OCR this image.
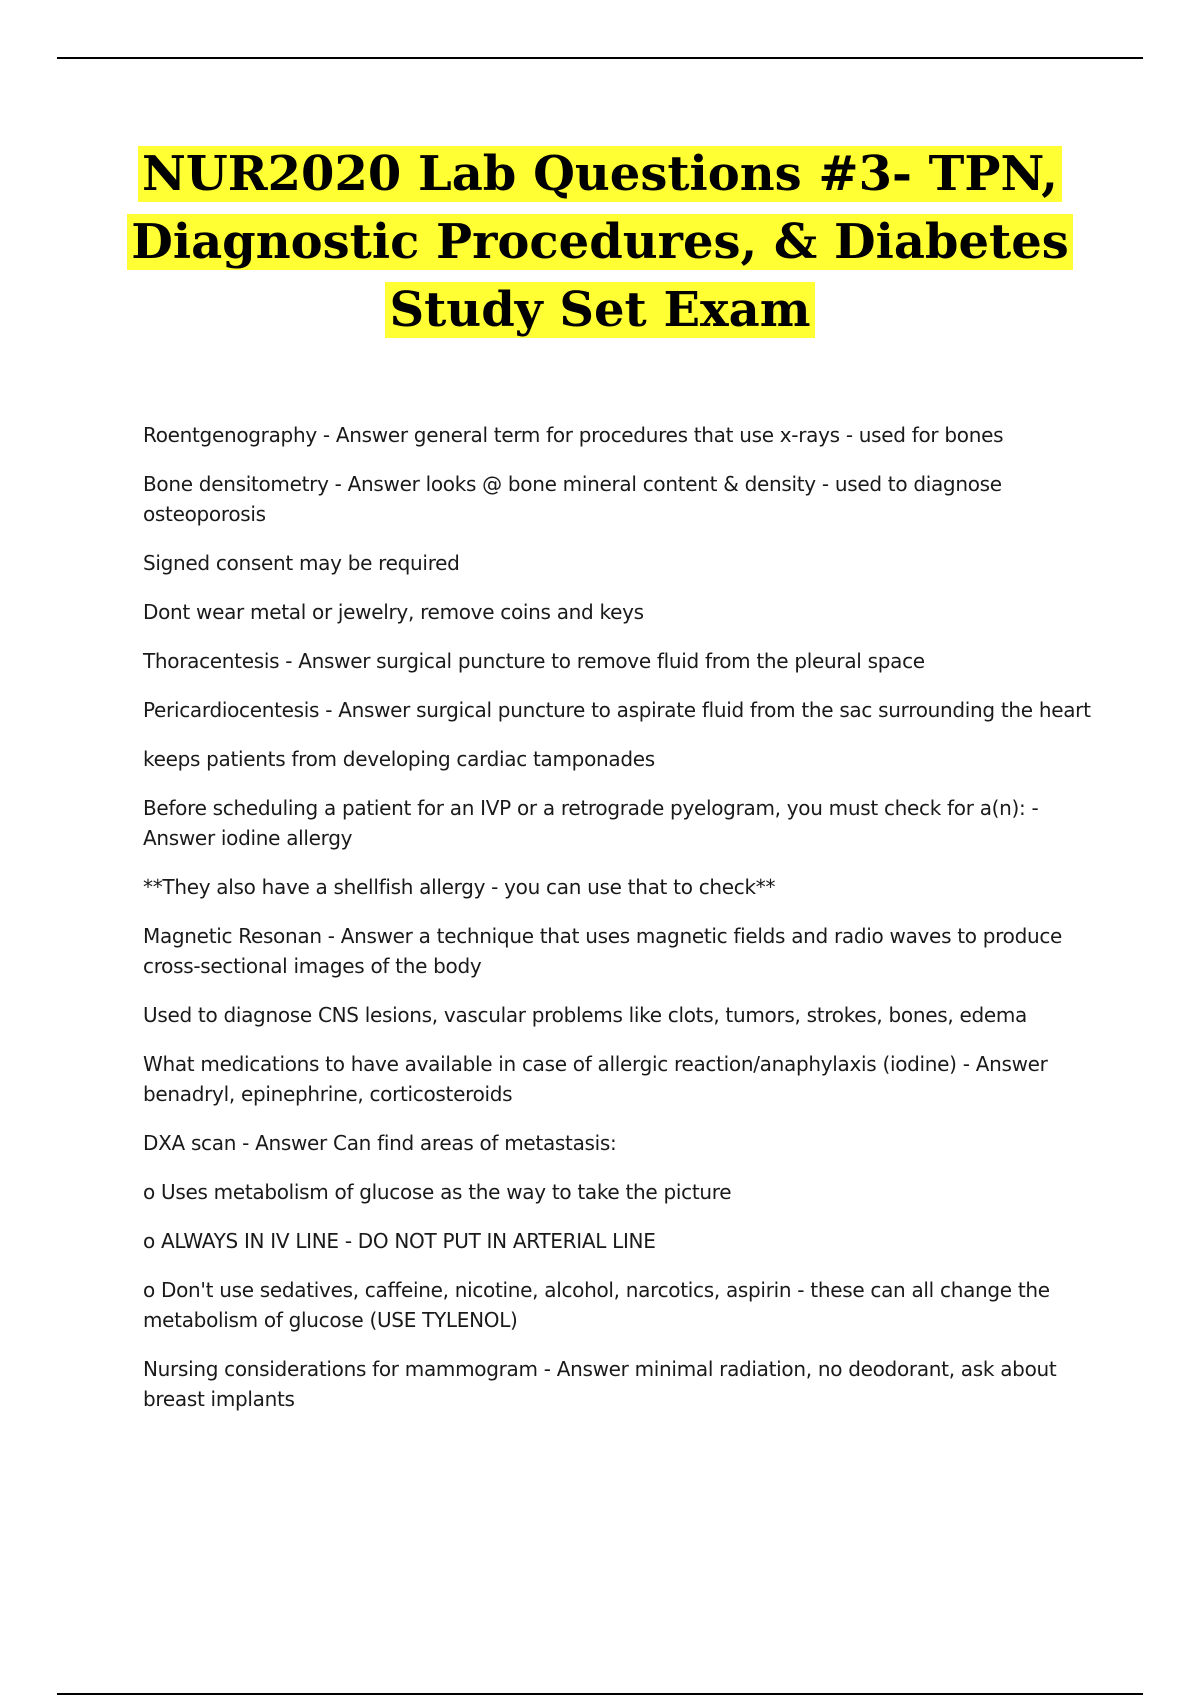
NUR2020 Lab Questions #3- TPN,
Diagnostic Procedures, & Diabetes
Study Set Exam
Roentgenography - Answer general term for procedures that use x-rays - used for bones
Bone densitometry - Answer looks @ bone mineral content & density - used to diagnose osteoporosis
Signed consent may be required
Dont wear metal or jewelry, remove coins and keys
Thoracentesis - Answer surgical puncture to remove fluid from the pleural space
Pericardiocentesis - Answer surgical puncture to aspirate fluid from the sac surrounding the heart
keeps patients from developing cardiac tamponades
Before scheduling a patient for an IVP or a retrograde pyelogram, you must check for a(n): - Answer iodine allergy
**They also have a shellfish allergy - you can use that to check**
Magnetic Resonan - Answer a technique that uses magnetic fields and radio waves to produce cross-sectional images of the body
Used to diagnose CNS lesions, vascular problems like clots, tumors, strokes, bones, edema
What medications to have available in case of allergic reaction/anaphylaxis (iodine) - Answer benadryl, epinephrine, corticosteroids
DXA scan - Answer Can find areas of metastasis:
o Uses metabolism of glucose as the way to take the picture
o ALWAYS IN IV LINE - DO NOT PUT IN ARTERIAL LINE
o Don't use sedatives, caffeine, nicotine, alcohol, narcotics, aspirin - these can all change the metabolism of glucose (USE TYLENOL)
Nursing considerations for mammogram - Answer minimal radiation, no deodorant, ask about breast implants
